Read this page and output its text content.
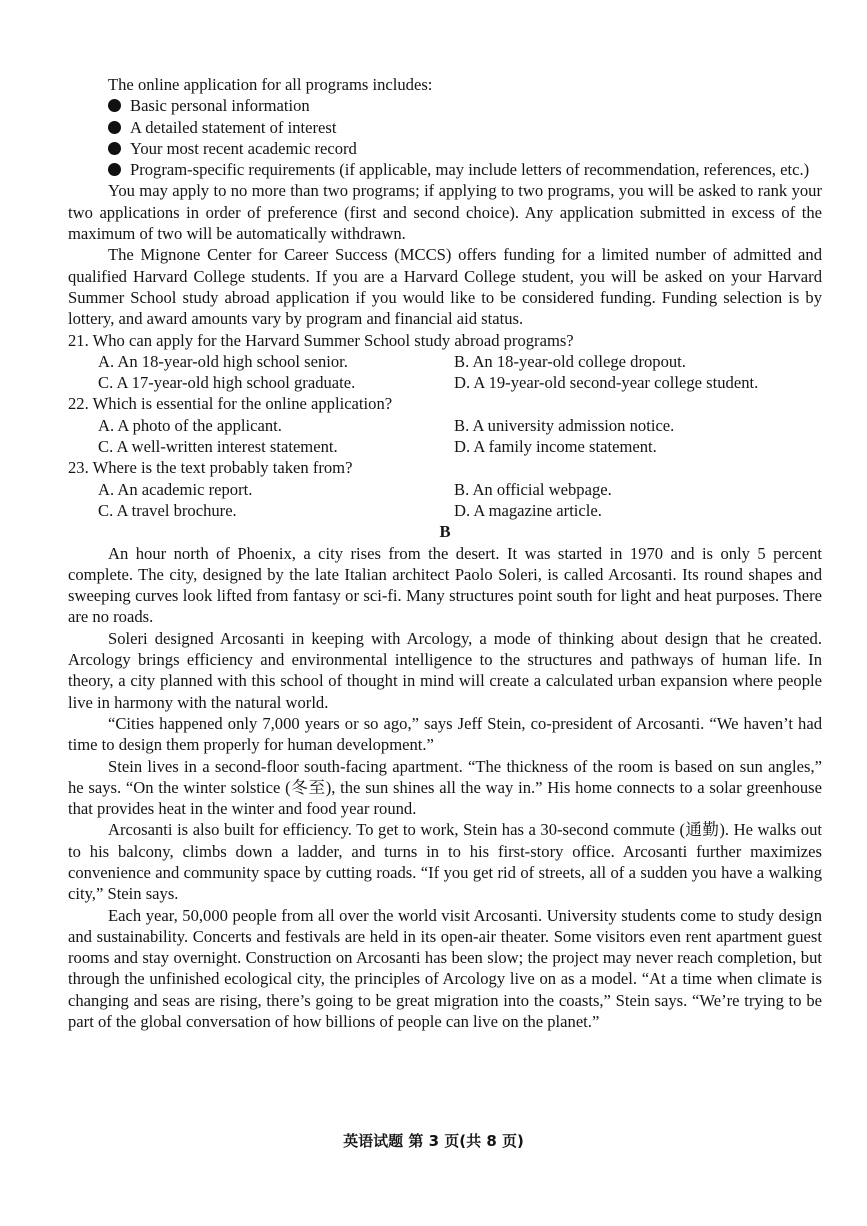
The online application for all programs includes:

Basic personal information

A detailed statement of interest

Your most recent academic record

Program-specific requirements (if applicable, may include letters of recommendation, references, etc.)

You may apply to no more than two programs; if applying to two programs, you will be asked to rank your two applications in order of preference (first and second choice). Any application submitted in excess of the maximum of two will be automatically withdrawn.

The Mignone Center for Career Success (MCCS) offers funding for a limited number of admitted and qualified Harvard College students. If you are a Harvard College student, you will be asked on your Harvard Summer School study abroad application if you would like to be considered funding. Funding selection is by lottery, and award amounts vary by program and financial aid status.

21. Who can apply for the Harvard Summer School study abroad programs?

A. An 18-year-old high school senior.	B. An 18-year-old college dropout.
C. A 17-year-old high school graduate.	D. A 19-year-old second-year college student.

22. Which is essential for the online application?

A. A photo of the applicant.	B. A university admission notice.
C. A well-written interest statement.	D. A family income statement.

23. Where is the text probably taken from?

A. An academic report.	B. An official webpage.
C. A travel brochure.	D. A magazine article.

B

An hour north of Phoenix, a city rises from the desert. It was started in 1970 and is only 5 percent complete. The city, designed by the late Italian architect Paolo Soleri, is called Arcosanti. Its round shapes and sweeping curves look lifted from fantasy or sci-fi. Many structures point south for light and heat purposes. There are no roads.

Soleri designed Arcosanti in keeping with Arcology, a mode of thinking about design that he created. Arcology brings efficiency and environmental intelligence to the structures and pathways of human life. In theory, a city planned with this school of thought in mind will create a calculated urban expansion where people live in harmony with the natural world.

“Cities happened only 7,000 years or so ago,” says Jeff Stein, co-president of Arcosanti. “We haven’t had time to design them properly for human development.”

Stein lives in a second-floor south-facing apartment. “The thickness of the room is based on sun angles,” he says. “On the winter solstice (冬至), the sun shines all the way in.” His home connects to a solar greenhouse that provides heat in the winter and food year round.

Arcosanti is also built for efficiency. To get to work, Stein has a 30-second commute (通勤). He walks out to his balcony, climbs down a ladder, and turns in to his first-story office. Arcosanti further maximizes convenience and community space by cutting roads. “If you get rid of streets, all of a sudden you have a walking city,” Stein says.

Each year, 50,000 people from all over the world visit Arcosanti. University students come to study design and sustainability. Concerts and festivals are held in its open-air theater. Some visitors even rent apartment guest rooms and stay overnight. Construction on Arcosanti has been slow; the project may never reach completion, but through the unfinished ecological city, the principles of Arcology live on as a model. “At a time when climate is changing and seas are rising, there’s going to be great migration into the coasts,” Stein says. “We’re trying to be part of the global conversation of how billions of people can live on the planet.”

英语试题 第 3 页(共 8 页)
